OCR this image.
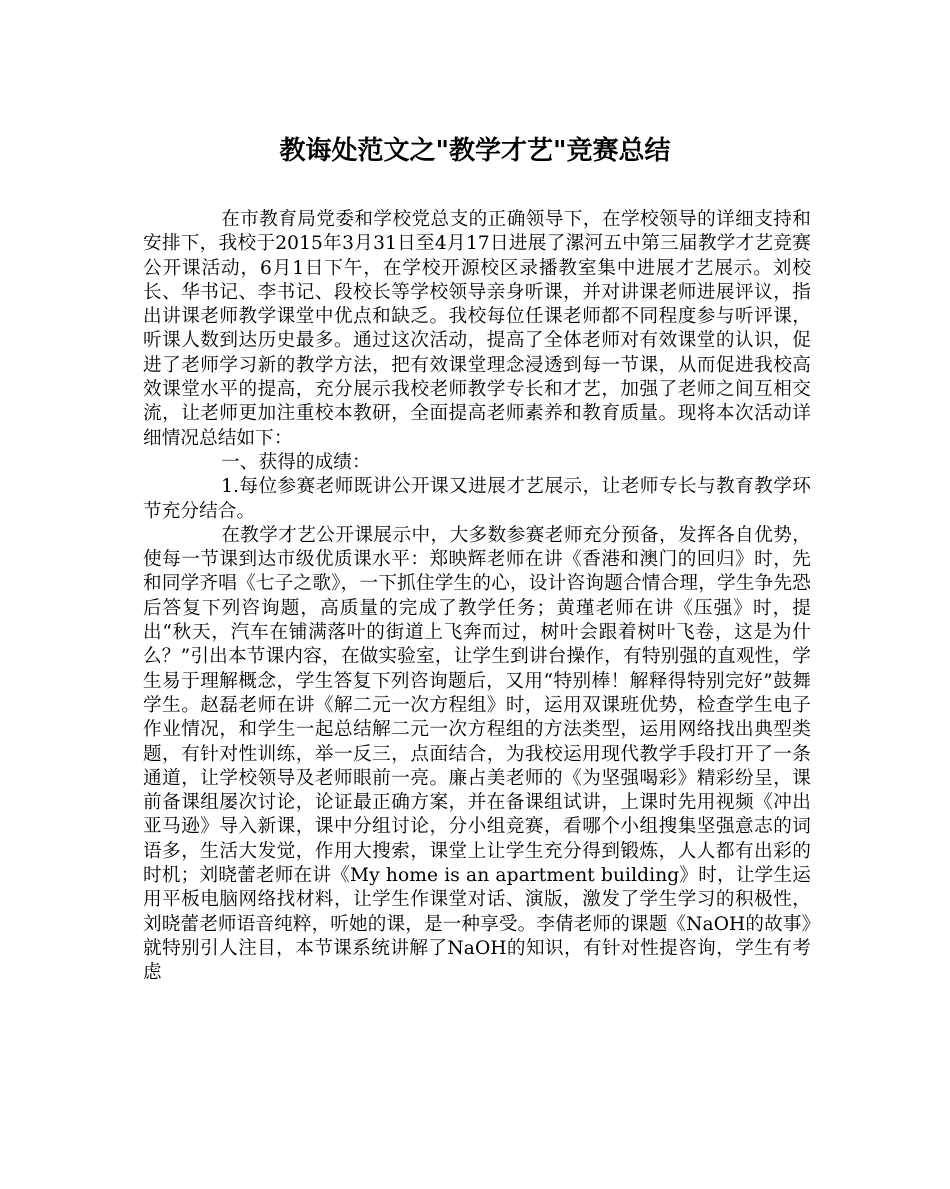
教诲处范文之"教学才艺"竞赛总结

在市教育局党委和学校党总支的正确领导下，在学校领导的详细支持和安排下，我校于2015年3月31日至4月17日进展了漯河五中第三届教学才艺竞赛公开课活动，6月1日下午，在学校开源校区录播教室集中进展才艺展示。刘校长、华书记、李书记、段校长等学校领导亲身听课，并对讲课老师进展评议，指出讲课老师教学课堂中优点和缺乏。我校每位任课老师都不同程度参与听评课，听课人数到达历史最多。通过这次活动，提高了全体老师对有效课堂的认识，促进了老师学习新的教学方法，把有效课堂理念浸透到每一节课，从而促进我校高效课堂水平的提高，充分展示我校老师教学专长和才艺，加强了老师之间互相交流，让老师更加注重校本教研，全面提高老师素养和教育质量。现将本次活动详细情况总结如下：

一、获得的成绩：

1.每位参赛老师既讲公开课又进展才艺展示，让老师专长与教育教学环节充分结合。

在教学才艺公开课展示中，大多数参赛老师充分预备，发挥各自优势，使每一节课到达市级优质课水平：郑映辉老师在讲《香港和澳门的回归》时，先和同学齐唱《七子之歌》，一下抓住学生的心，设计咨询题合情合理，学生争先恐后答复下列咨询题，高质量的完成了教学任务；黄瑾老师在讲《压强》时，提出“秋天，汽车在铺满落叶的街道上飞奔而过，树叶会跟着树叶飞卷，这是为什么？”引出本节课内容，在做实验室，让学生到讲台操作，有特别强的直观性，学生易于理解概念，学生答复下列咨询题后，又用“特别棒！解释得特别完好”鼓舞学生。赵磊老师在讲《解二元一次方程组》时，运用双课班优势，检查学生电子作业情况，和学生一起总结解二元一次方程组的方法类型，运用网络找出典型类题，有针对性训练，举一反三，点面结合，为我校运用现代教学手段打开了一条通道，让学校领导及老师眼前一亮。廉占美老师的《为坚强喝彩》精彩纷呈，课前备课组屡次讨论，论证最正确方案，并在备课组试讲，上课时先用视频《冲出亚马逊》导入新课，课中分组讨论，分小组竞赛，看哪个小组搜集坚强意志的词语多，生活大发觉，作用大搜索，课堂上让学生充分得到锻炼，人人都有出彩的时机；刘晓蕾老师在讲《My home is an apartment building》时，让学生运用平板电脑网络找材料，让学生作课堂对话、演版，激发了学生学习的积极性，刘晓蕾老师语音纯粹，听她的课，是一种享受。李倩老师的课题《NaOH的故事》就特别引人注目，本节课系统讲解了NaOH的知识，有针对性提咨询，学生有考虑
